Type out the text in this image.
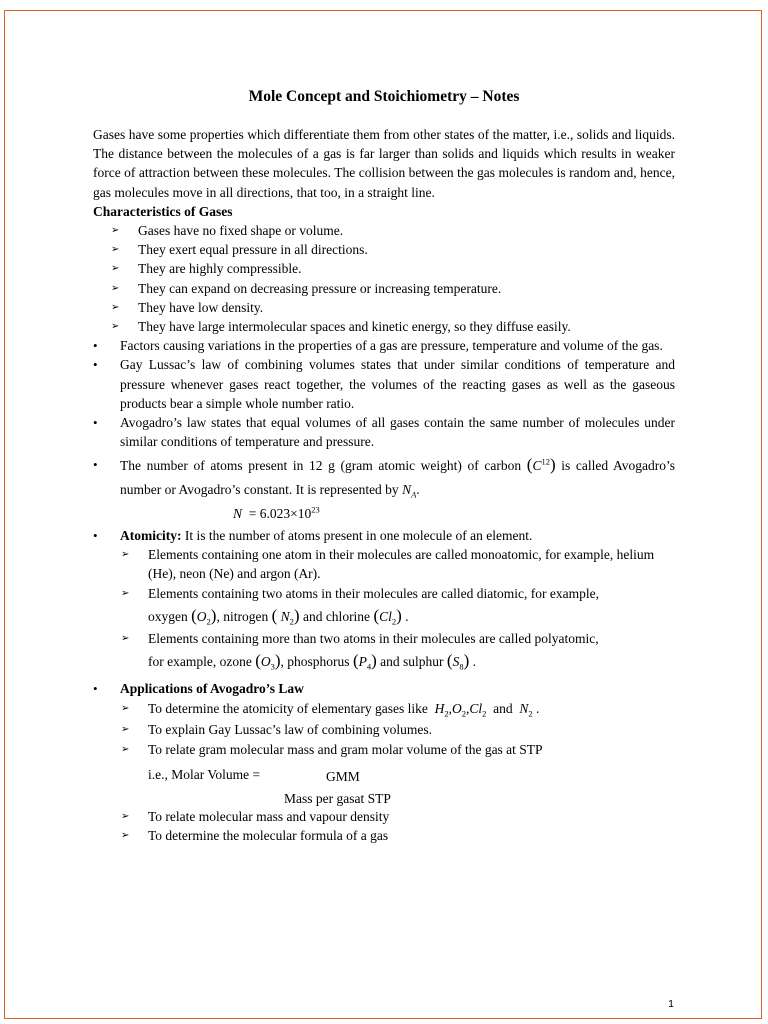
Mole Concept and Stoichiometry – Notes

Gases have some properties which differentiate them from other states of the matter, i.e., solids and liquids. The distance between the molecules of a gas is far larger than solids and liquids which results in weaker force of attraction between these molecules. The collision between the gas molecules is random and, hence, gas molecules move in all directions, that too, in a straight line.

Characteristics of Gases

➢ Gases have no fixed shape or volume.
➢ They exert equal pressure in all directions.
➢ They are highly compressible.
➢ They can expand on decreasing pressure or increasing temperature.
➢ They have low density.
➢ They have large intermolecular spaces and kinetic energy, so they diffuse easily.
• Factors causing variations in the properties of a gas are pressure, temperature and volume of the gas.
• Gay Lussac’s law of combining volumes states that under similar conditions of temperature and pressure whenever gases react together, the volumes of the reacting gases as well as the gaseous products bear a simple whole number ratio.
• Avogadro’s law states that equal volumes of all gases contain the same number of molecules under similar conditions of temperature and pressure.
• The number of atoms present in 12 g (gram atomic weight) of carbon $(C^{12})$ is called Avogadro’s number or Avogadro’s constant. It is represented by $N_A$.
$N = 6.023\times 10^{23}$
• Atomicity: It is the number of atoms present in one molecule of an element.
➢ Elements containing one atom in their molecules are called monoatomic, for example, helium (He), neon (Ne) and argon (Ar).
➢ Elements containing two atoms in their molecules are called diatomic, for example,
oxygen $(O_2)$, nitrogen ( $N_2$) and chlorine $(Cl_2)$ .
➢ Elements containing more than two atoms in their molecules are called polyatomic,
for example, ozone $(O_3)$, phosphorus $(P_4)$ and sulphur $(S_8)$ .
• Applications of Avogadro’s Law
➢ To determine the atomicity of elementary gases like $H_2,O_2,Cl_2$ and $N_2$ .
➢ To explain Gay Lussac’s law of combining volumes.
➢ To relate gram molecular mass and gram molar volume of the gas at STP
i.e., Molar Volume =	GMM
Mass per gasat STP
➢ To relate molecular mass and vapour density
➢ To determine the molecular formula of a gas
1
